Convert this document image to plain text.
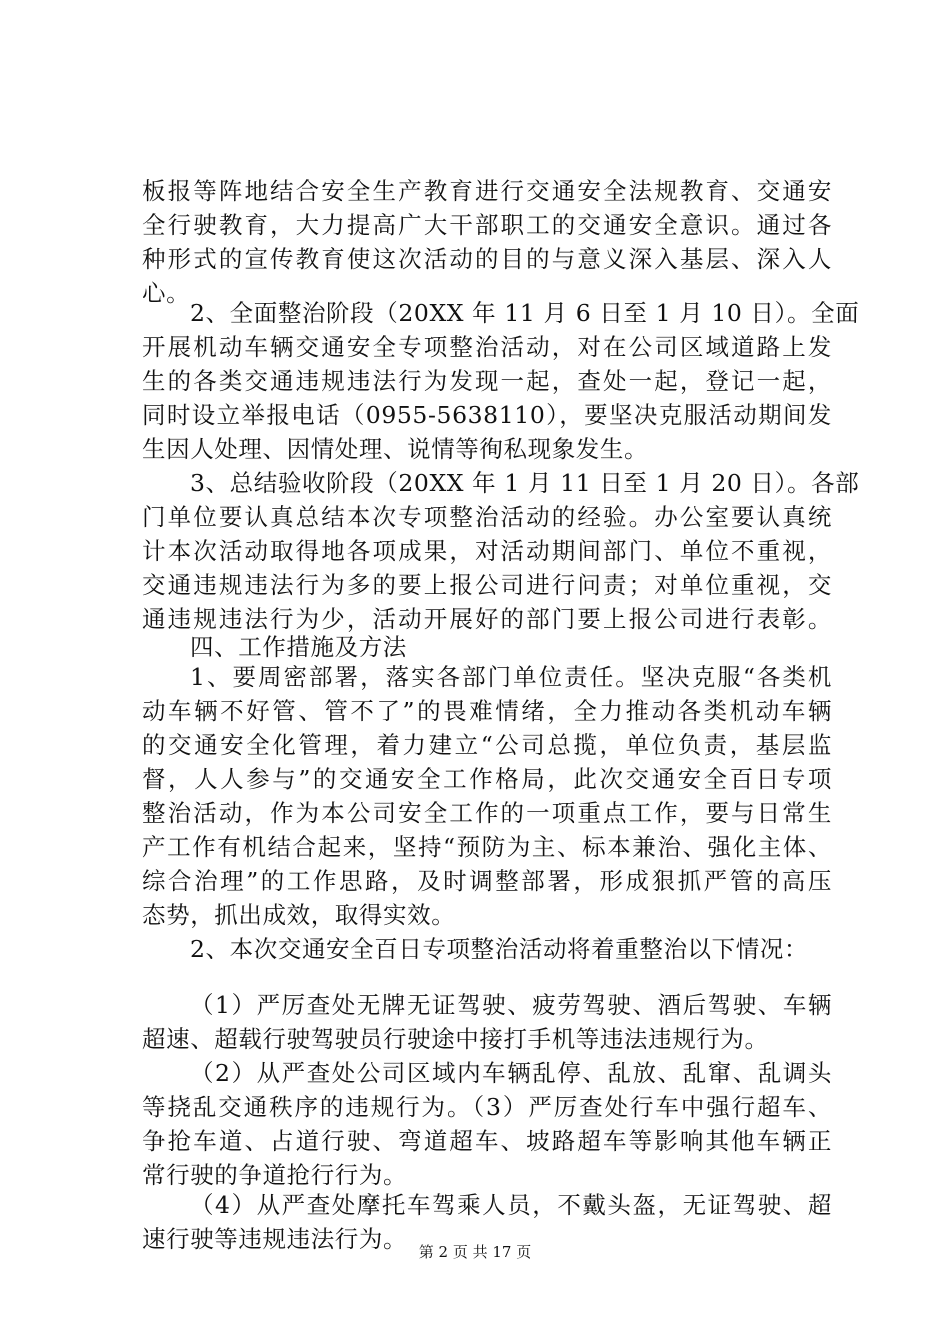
板报等阵地结合安全生产教育进行交通安全法规教育、交通安
全行驶教育，大力提高广大干部职工的交通安全意识。通过各
种形式的宣传教育使这次活动的目的与意义深入基层、深入人
心。
2、全面整治阶段（20XX 年 11 月 6 日至 1 月 10 日）。全面
开展机动车辆交通安全专项整治活动，对在公司区域道路上发
生的各类交通违规违法行为发现一起，查处一起，登记一起，
同时设立举报电话（0955-5638110），要坚决克服活动期间发
生因人处理、因情处理、说情等徇私现象发生。
3、总结验收阶段（20XX 年 1 月 11 日至 1 月 20 日）。各部
门单位要认真总结本次专项整治活动的经验。办公室要认真统
计本次活动取得地各项成果，对活动期间部门、单位不重视，
交通违规违法行为多的要上报公司进行问责；对单位重视，交
通违规违法行为少，活动开展好的部门要上报公司进行表彰。
四、工作措施及方法
1、要周密部署，落实各部门单位责任。坚决克服“各类机
动车辆不好管、管不了”的畏难情绪，全力推动各类机动车辆
的交通安全化管理，着力建立“公司总揽，单位负责，基层监
督，人人参与”的交通安全工作格局，此次交通安全百日专项
整治活动，作为本公司安全工作的一项重点工作，要与日常生
产工作有机结合起来，坚持“预防为主、标本兼治、强化主体、
综合治理”的工作思路，及时调整部署，形成狠抓严管的高压
态势，抓出成效，取得实效。
2、本次交通安全百日专项整治活动将着重整治以下情况：
（1）严厉查处无牌无证驾驶、疲劳驾驶、酒后驾驶、车辆
超速、超载行驶驾驶员行驶途中接打手机等违法违规行为。
（2）从严查处公司区域内车辆乱停、乱放、乱窜、乱调头
等挠乱交通秩序的违规行为。（3）严厉查处行车中强行超车、
争抢车道、占道行驶、弯道超车、坡路超车等影响其他车辆正
常行驶的争道抢行行为。
（4）从严查处摩托车驾乘人员，不戴头盔，无证驾驶、超
速行驶等违规违法行为。 第 2 页 共 17 页
